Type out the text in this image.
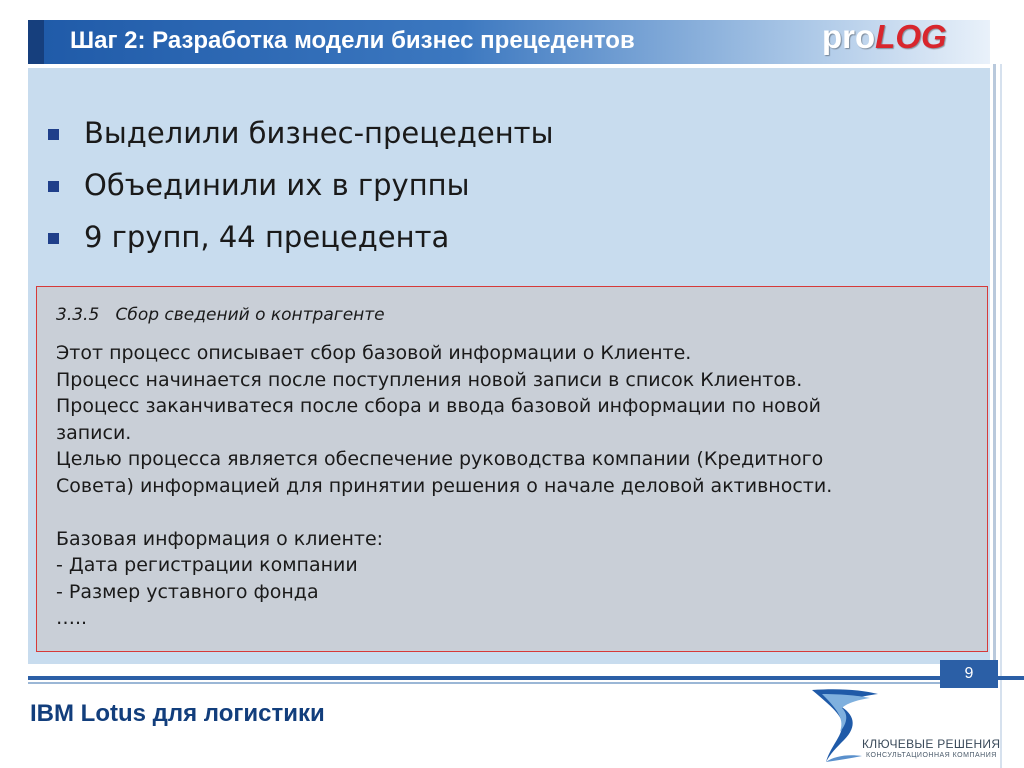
Шаг 2: Разработка модели бизнес прецедентов	proLOG
Выделили бизнес-прецеденты
Объединили их в группы
9 групп, 44 прецедента
3.3.5   Сбор сведений о контрагенте
Этот процесс описывает сбор базовой информации о Клиенте.
Процесс начинается после поступления новой записи в список Клиентов.
Процесс заканчиватеся после сбора и ввода базовой информации по новой
записи.
Целью процесса является обеспечение руководства компании (Кредитного
Совета) информацией для принятии решения о начале деловой активности.
Базовая информация о клиенте:
- Дата регистрации компании
- Размер уставного фонда
…..
9
IBM Lotus для логистики
КЛЮЧЕВЫЕ РЕШЕНИЯ
КОНСУЛЬТАЦИОННАЯ КОМПАНИЯ
